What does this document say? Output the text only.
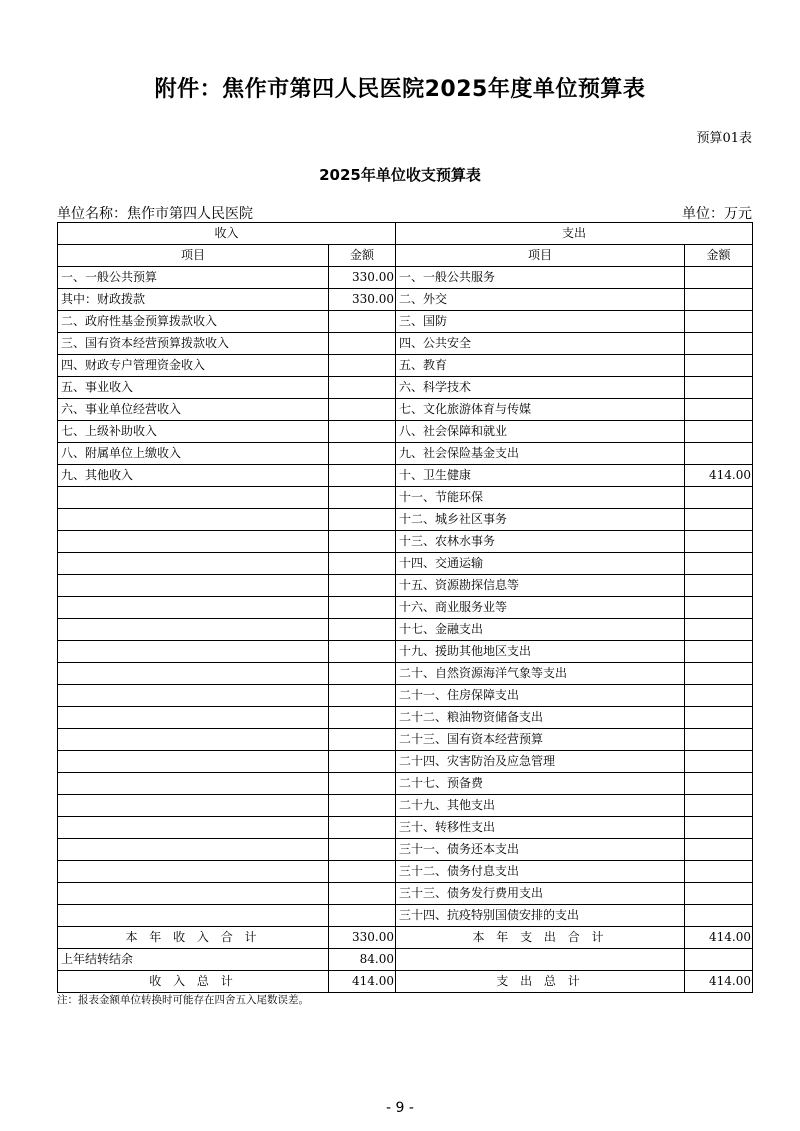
附件：焦作市第四人民医院2025年度单位预算表
预算01表
2025年单位收支预算表
单位名称：焦作市第四人民医院	单位：万元
收入		支出	
项目	金额	项目	金额
一、一般公共预算	330.00	一、一般公共服务	
其中：财政拨款	330.00	二、外交	
二、政府性基金预算拨款收入		三、国防	
三、国有资本经营预算拨款收入		四、公共安全	
四、财政专户管理资金收入		五、教育	
五、事业收入		六、科学技术	
六、事业单位经营收入		七、文化旅游体育与传媒	
七、上级补助收入		八、社会保障和就业	
八、附属单位上缴收入		九、社会保险基金支出	
九、其他收入		十、卫生健康	414.00
		十一、节能环保	
		十二、城乡社区事务	
		十三、农林水事务	
		十四、交通运输	
		十五、资源勘探信息等	
		十六、商业服务业等	
		十七、金融支出	
		十九、援助其他地区支出	
		二十、自然资源海洋气象等支出	
		二十一、住房保障支出	
		二十二、粮油物资储备支出	
		二十三、国有资本经营预算	
		二十四、灾害防治及应急管理	
		二十七、预备费	
		二十九、其他支出	
		三十、转移性支出	
		三十一、债务还本支出	
		三十二、债务付息支出	
		三十三、债务发行费用支出	
		三十四、抗疫特别国债安排的支出	
本 年 收 入 合 计	330.00	本 年 支 出 合 计	414.00
上年结转结余	84.00		
收 入 总 计	414.00	支 出 总 计	414.00
注：报表金额单位转换时可能存在四舍五入尾数误差。
- 9 -
